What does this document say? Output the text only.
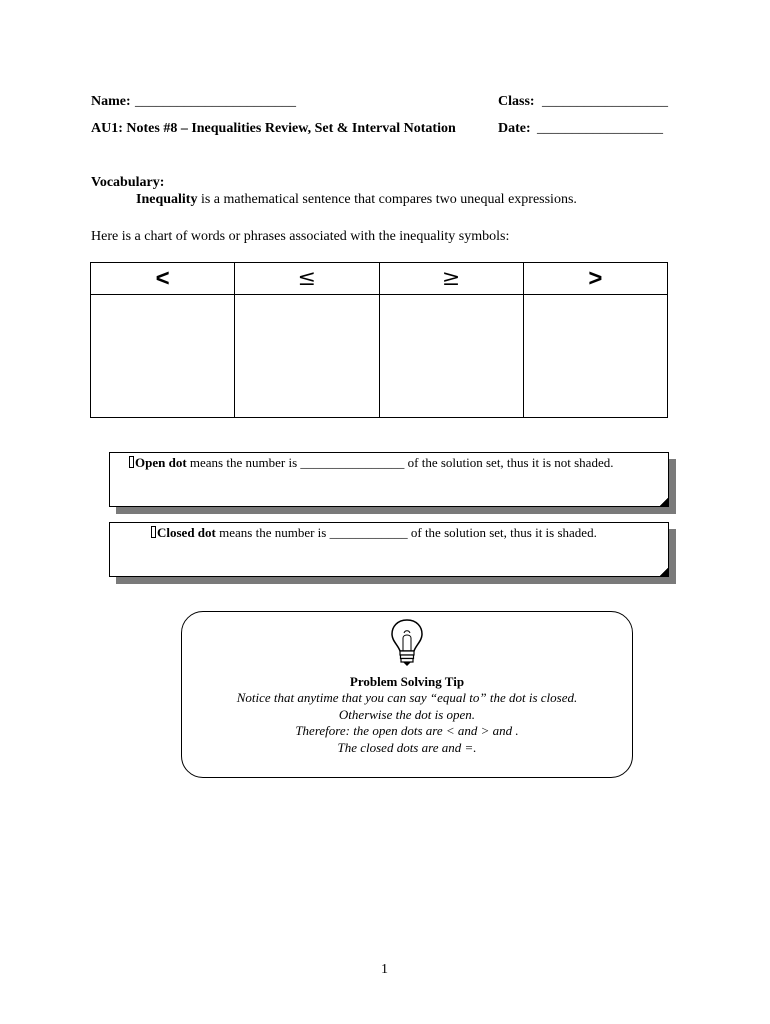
Name: _______________________	Class: __________________
AU1: Notes #8 – Inequalities Review, Set & Interval Notation	Date: __________________
Vocabulary:
Inequality is a mathematical sentence that compares two unequal expressions.
Here is a chart of words or phrases associated with the inequality symbols:
<	≤	≥	>

Open dot means the number is ________________ of the solution set, thus it is not shaded.
Closed dot means the number is ____________ of the solution set, thus it is shaded.
Problem Solving Tip
Notice that anytime that you can say “equal to” the dot is closed.
Otherwise the dot is open.
Therefore: the open dots are < and > and .
The closed dots are and =.
1
